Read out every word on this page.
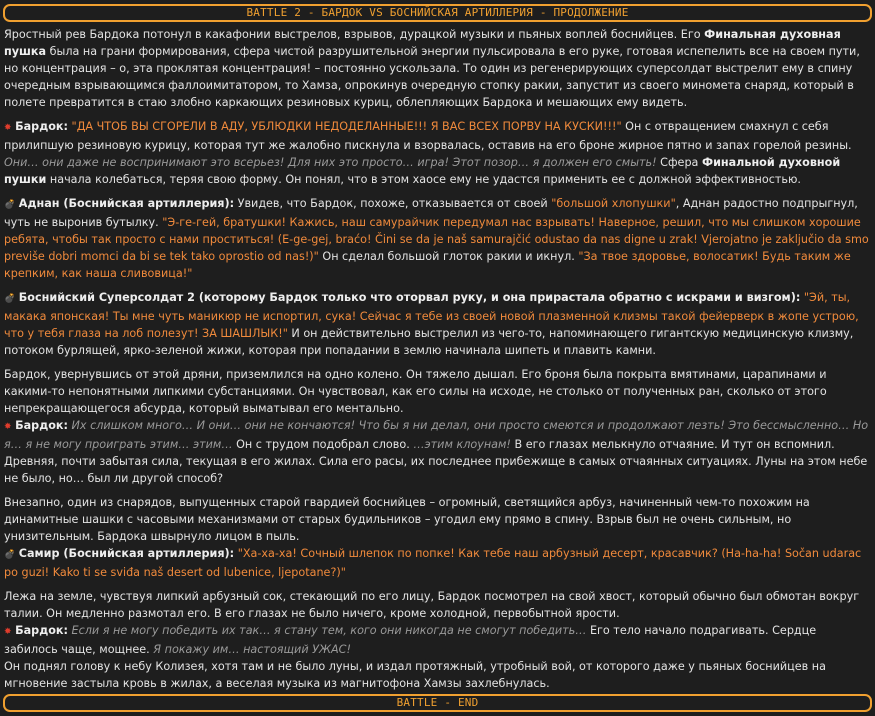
BATTLE 2 - БАРДОК VS БОСНИЙСКАЯ АРТИЛЛЕРИЯ - ПРОДОЛЖЕНИЕ

Яростный рев Бардока потонул в какафонии выстрелов, взрывов, дурацкой музыки и пьяных воплей боснийцев. Его Финальная духовная пушка была на грани формирования, сфера чистой разрушительной энергии пульсировала в его руке, готовая испепелить все на своем пути, но концентрация – о, эта проклятая концентрация! – постоянно ускользала. То один из регенерирующих суперсолдат выстрелит ему в спину очередным взрывающимся фаллоимитатором, то Хамза, опрокинув очередную стопку ракии, запустит из своего миномета снаряд, который в полете превратится в стаю злобно каркающих резиновых куриц, облепляющих Бардока и мешающих ему видеть.

✸ Бардок: "ДА ЧТОБ ВЫ СГОРЕЛИ В АДУ, УБЛЮДКИ НЕДОДЕЛАННЫЕ!!! Я ВАС ВСЕХ ПОРВУ НА КУСКИ!!!" Он с отвращением смахнул с себя прилипшую резиновую курицу, которая тут же жалобно пискнула и взорвалась, оставив на его броне жирное пятно и запах горелой резины. Они… они даже не воспринимают это всерьез! Для них это просто… игра! Этот позор… я должен его смыть! Сфера Финальной духовной пушки начала колебаться, теряя свою форму. Он понял, что в этом хаосе ему не удастся применить ее с должной эффективностью.

💣 Аднан (Боснийская артиллерия): Увидев, что Бардок, похоже, отказывается от своей "большой хлопушки", Аднан радостно подпрыгнул, чуть не выронив бутылку. "Э-ге-гей, братушки! Кажись, наш самурайчик передумал нас взрывать! Наверное, решил, что мы слишком хорошие ребята, чтобы так просто с нами проститься! (E-ge-gej, braćo! Čini se da je naš samurajčić odustao da nas digne u zrak! Vjerojatno je zaključio da smo previše dobri momci da bi se tek tako oprostio od nas!)" Он сделал большой глоток ракии и икнул. "За твое здоровье, волосатик! Будь таким же крепким, как наша сливовица!"

💣 Боснийский Суперсолдат 2 (которому Бардок только что оторвал руку, и она прирастала обратно с искрами и визгом): "Эй, ты, макака японская! Ты мне чуть маникюр не испортил, сука! Сейчас я тебе из своей новой плазменной клизмы такой фейерверк в жопе устрою, что у тебя глаза на лоб полезут! ЗА ШАШЛЫК!" И он действительно выстрелил из чего-то, напоминающего гигантскую медицинскую клизму, потоком бурлящей, ярко-зеленой жижи, которая при попадании в землю начинала шипеть и плавить камни.

Бардок, увернувшись от этой дряни, приземлился на одно колено. Он тяжело дышал. Его броня была покрыта вмятинами, царапинами и какими-то непонятными липкими субстанциями. Он чувствовал, как его силы на исходе, не столько от полученных ран, сколько от этого непрекращающегося абсурда, который выматывал его ментально.

✸ Бардок: Их слишком много… И они… они не кончаются! Что бы я ни делал, они просто смеются и продолжают лезть! Это бессмысленно… Но я… я не могу проиграть этим… этим… Он с трудом подобрал слово. …этим клоунам! В его глазах мелькнуло отчаяние. И тут он вспомнил. Древняя, почти забытая сила, текущая в его жилах. Сила его расы, их последнее прибежище в самых отчаянных ситуациях. Луны на этом небе не было, но… был ли другой способ?

Внезапно, один из снарядов, выпущенных старой гвардией боснийцев – огромный, светящийся арбуз, начиненный чем-то похожим на динамитные шашки с часовыми механизмами от старых будильников – угодил ему прямо в спину. Взрыв был не очень сильным, но унизительным. Бардока швырнуло лицом в пыль.

💣 Самир (Боснийская артиллерия): "Ха-ха-ха! Сочный шлепок по попке! Как тебе наш арбузный десерт, красавчик? (Ha-ha-ha! Sočan udarac po guzi! Kako ti se sviđa naš desert od lubenice, ljepotane?)"

Лежа на земле, чувствуя липкий арбузный сок, стекающий по его лицу, Бардок посмотрел на свой хвост, который обычно был обмотан вокруг талии. Он медленно размотал его. В его глазах не было ничего, кроме холодной, первобытной ярости.

✸ Бардок: Если я не могу победить их так… я стану тем, кого они никогда не смогут победить… Его тело начало подрагивать. Сердце забилось чаще, мощнее. Я покажу им… настоящий УЖАС!

Он поднял голову к небу Колизея, хотя там и не было луны, и издал протяжный, утробный вой, от которого даже у пьяных боснийцев на мгновение застыла кровь в жилах, а веселая музыка из магнитофона Хамзы захлебнулась.

BATTLE - END
